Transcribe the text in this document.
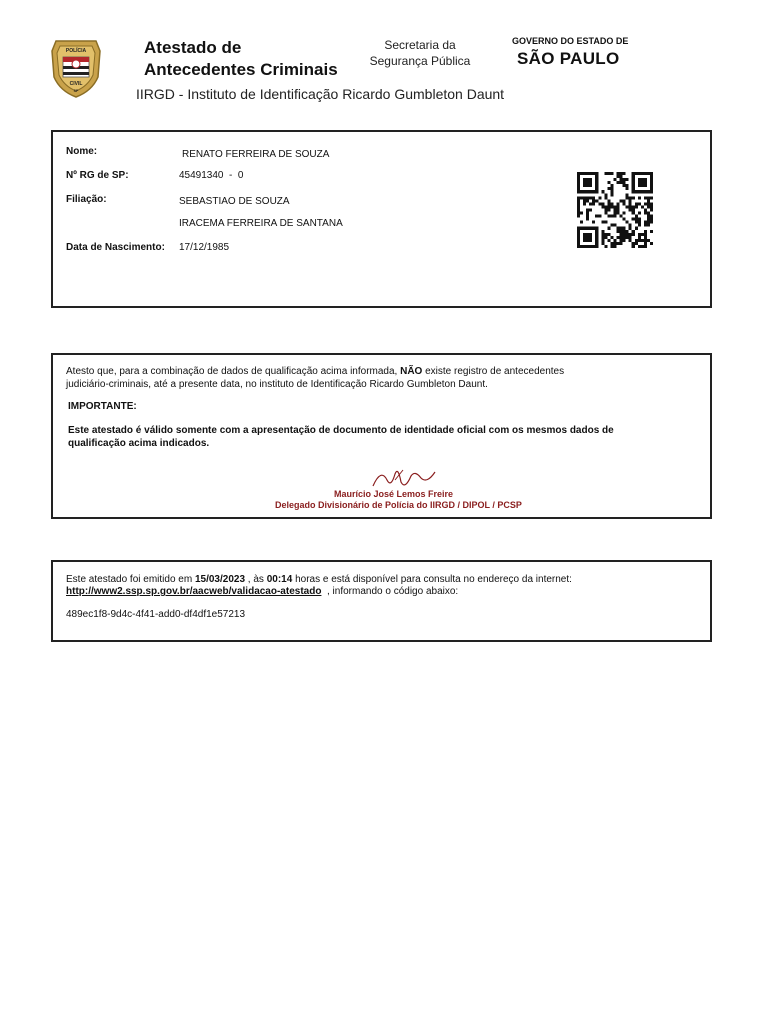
POLÍCIA
CIVIL
SP
Atestado de
Antecedentes Criminais
Secretaria da
Segurança Pública
GOVERNO DO ESTADO DE
SÃO PAULO
IIRGD - Instituto de Identificação Ricardo Gumbleton Daunt
Nome:	RENATO FERREIRA DE SOUZA
Nº RG de SP:	45491340  -  0
Filiação:	SEBASTIAO DE SOUZA
IRACEMA FERREIRA DE SANTANA
Data de Nascimento: 17/12/1985
Atesto que, para a combinação de dados de qualificação acima informada, NÃO existe registro de antecedentes
judiciário-criminais, até a presente data, no instituto de Identificação Ricardo Gumbleton Daunt.
IMPORTANTE:
Este atestado é válido somente com a apresentação de documento de identidade oficial com os mesmos dados de
qualificação acima indicados.
Maurício José Lemos Freire
Delegado Divisionário de Polícia do IIRGD / DIPOL / PCSP
Este atestado foi emitido em 15/03/2023 , às 00:14 horas e está disponível para consulta no endereço da internet:
http://www2.ssp.sp.gov.br/aacweb/validacao-atestado  , informando o código abaixo:
489ec1f8-9d4c-4f41-add0-df4df1e57213
